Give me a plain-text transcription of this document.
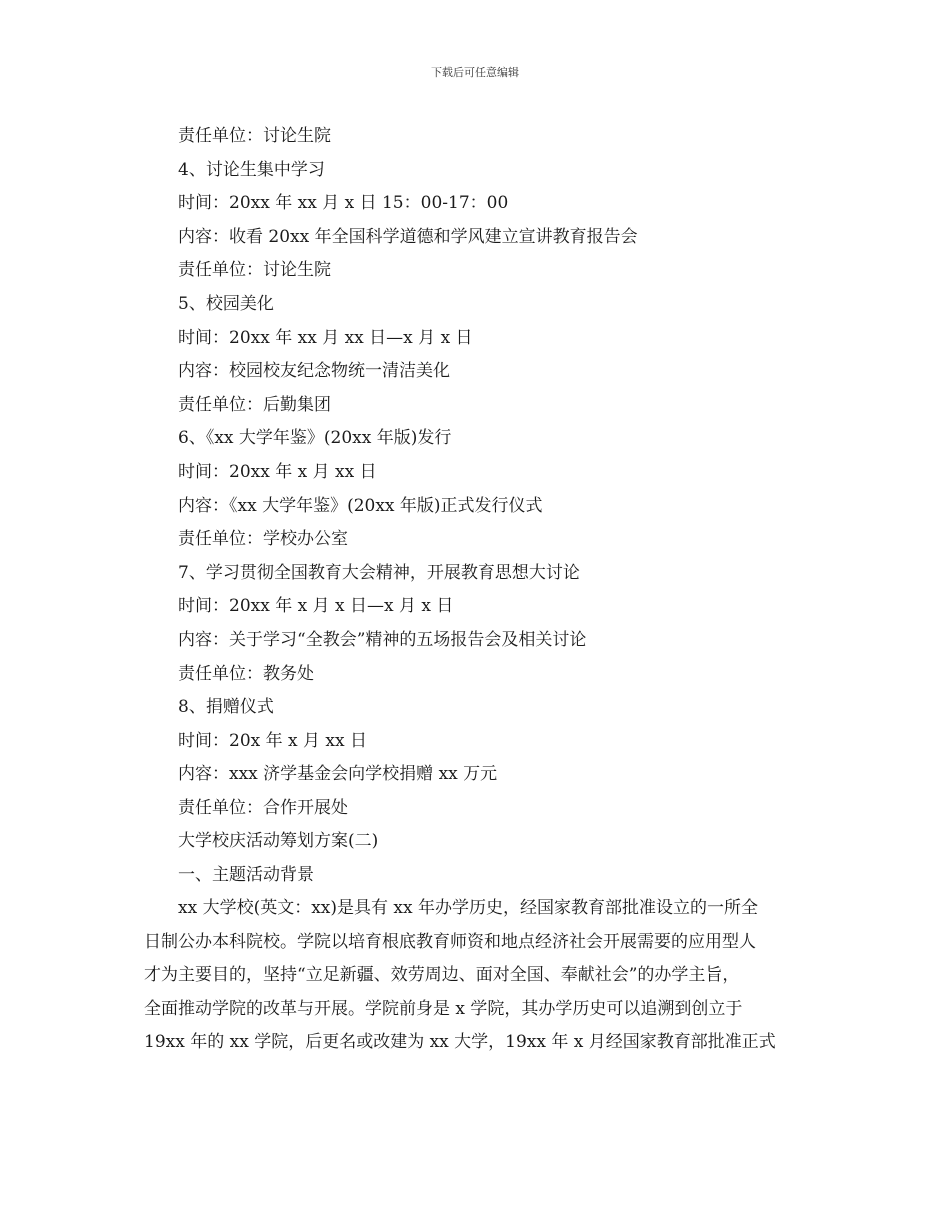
下载后可任意编辑
责任单位：讨论生院
4、讨论生集中学习
时间：20xx 年 xx 月 x 日 15：00-17：00
内容：收看 20xx 年全国科学道德和学风建立宣讲教育报告会
责任单位：讨论生院
5、校园美化
时间：20xx 年 xx 月 xx 日—x 月 x 日
内容：校园校友纪念物统一清洁美化
责任单位：后勤集团
6、《xx 大学年鉴》(20xx 年版)发行
时间：20xx 年 x 月 xx 日
内容：《xx 大学年鉴》(20xx 年版)正式发行仪式
责任单位：学校办公室
7、学习贯彻全国教育大会精神，开展教育思想大讨论
时间：20xx 年 x 月 x 日—x 月 x 日
内容：关于学习“全教会”精神的五场报告会及相关讨论
责任单位：教务处
8、捐赠仪式
时间：20x 年 x 月 xx 日
内容：xxx 济学基金会向学校捐赠 xx 万元
责任单位：合作开展处
大学校庆活动筹划方案(二)
一、主题活动背景
　　xx 大学校(英文：xx)是具有 xx 年办学历史，经国家教育部批准设立的一所全
日制公办本科院校。学院以培育根底教育师资和地点经济社会开展需要的应用型人
才为主要目的，坚持“立足新疆、效劳周边、面对全国、奉献社会”的办学主旨，
全面推动学院的改革与开展。学院前身是 x 学院，其办学历史可以追溯到创立于
19xx 年的 xx 学院，后更名或改建为 xx 大学，19xx 年 x 月经国家教育部批准正式
